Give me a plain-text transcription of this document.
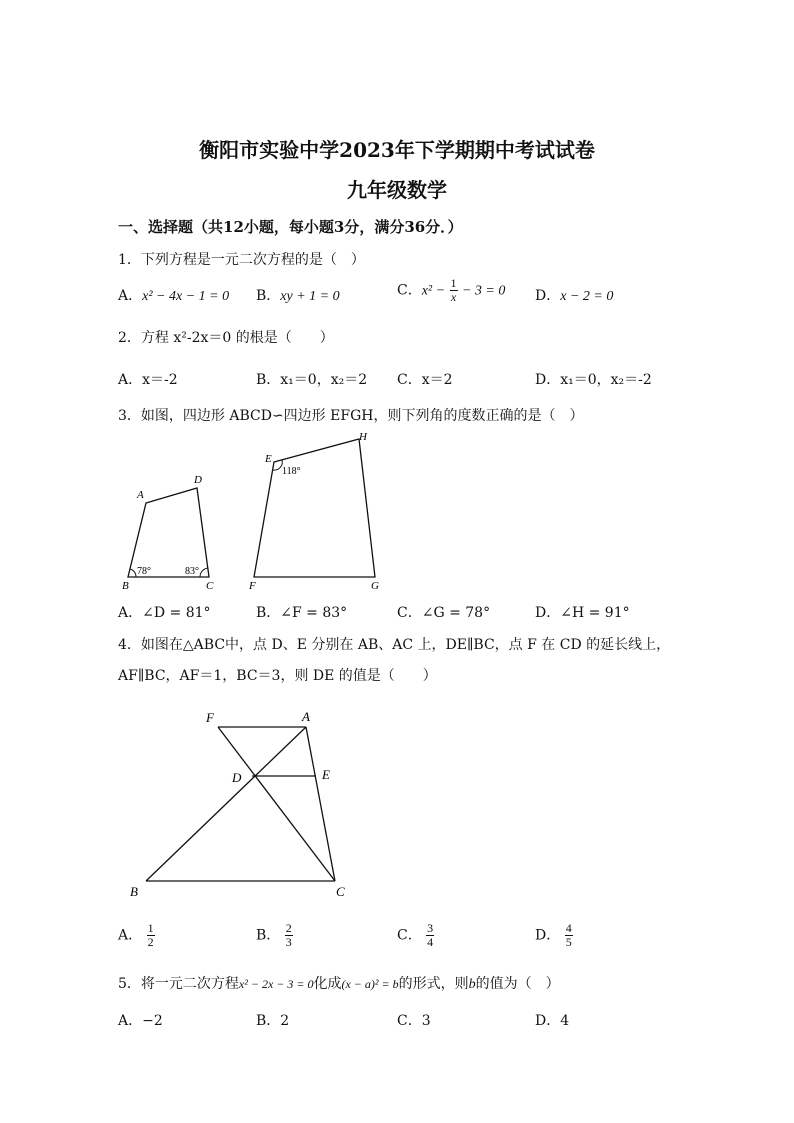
衡阳市实验中学2023年下学期期中考试试卷
九年级数学
一、选择题（共12小题，每小题3分，满分36分．）
1．下列方程是一元二次方程的是（　）
A．x² − 4x − 1 = 0 B．xy + 1 = 0	C．$x^2 - \frac{1}{x} - 3 = 0$ D．x − 2 = 0
2．方程 x²-2x＝0 的根是（　　）
A．x＝-2	B．x₁＝0，x₂＝2 C．x＝2	D．x₁＝0，x₂＝-2
3．如图，四边形 ABCD∽四边形 EFGH，则下列角的度数正确的是（　）
A
D
B	C
78°	83°
E
H
F	G
118°
A．∠D = 81°	B．∠F = 83°	C．∠G = 78°	D．∠H = 91°
4．如图在△ABC中，点 D、E 分别在 AB、AC 上，DE∥BC，点 F 在 CD 的延长线上，
AF∥BC，AF＝1，BC＝3，则 DE 的值是（　　）
F	A
D	E
B	C
A． $\frac{1}{2}$	B． $\frac{2}{3}$	C． $\frac{3}{4}$	D． $\frac{4}{5}$
5．将一元二次方程x² − 2x − 3 = 0化成(x − a)² = b的形式，则b的值为（　）
A．−2	B．2	C．3	D．4
